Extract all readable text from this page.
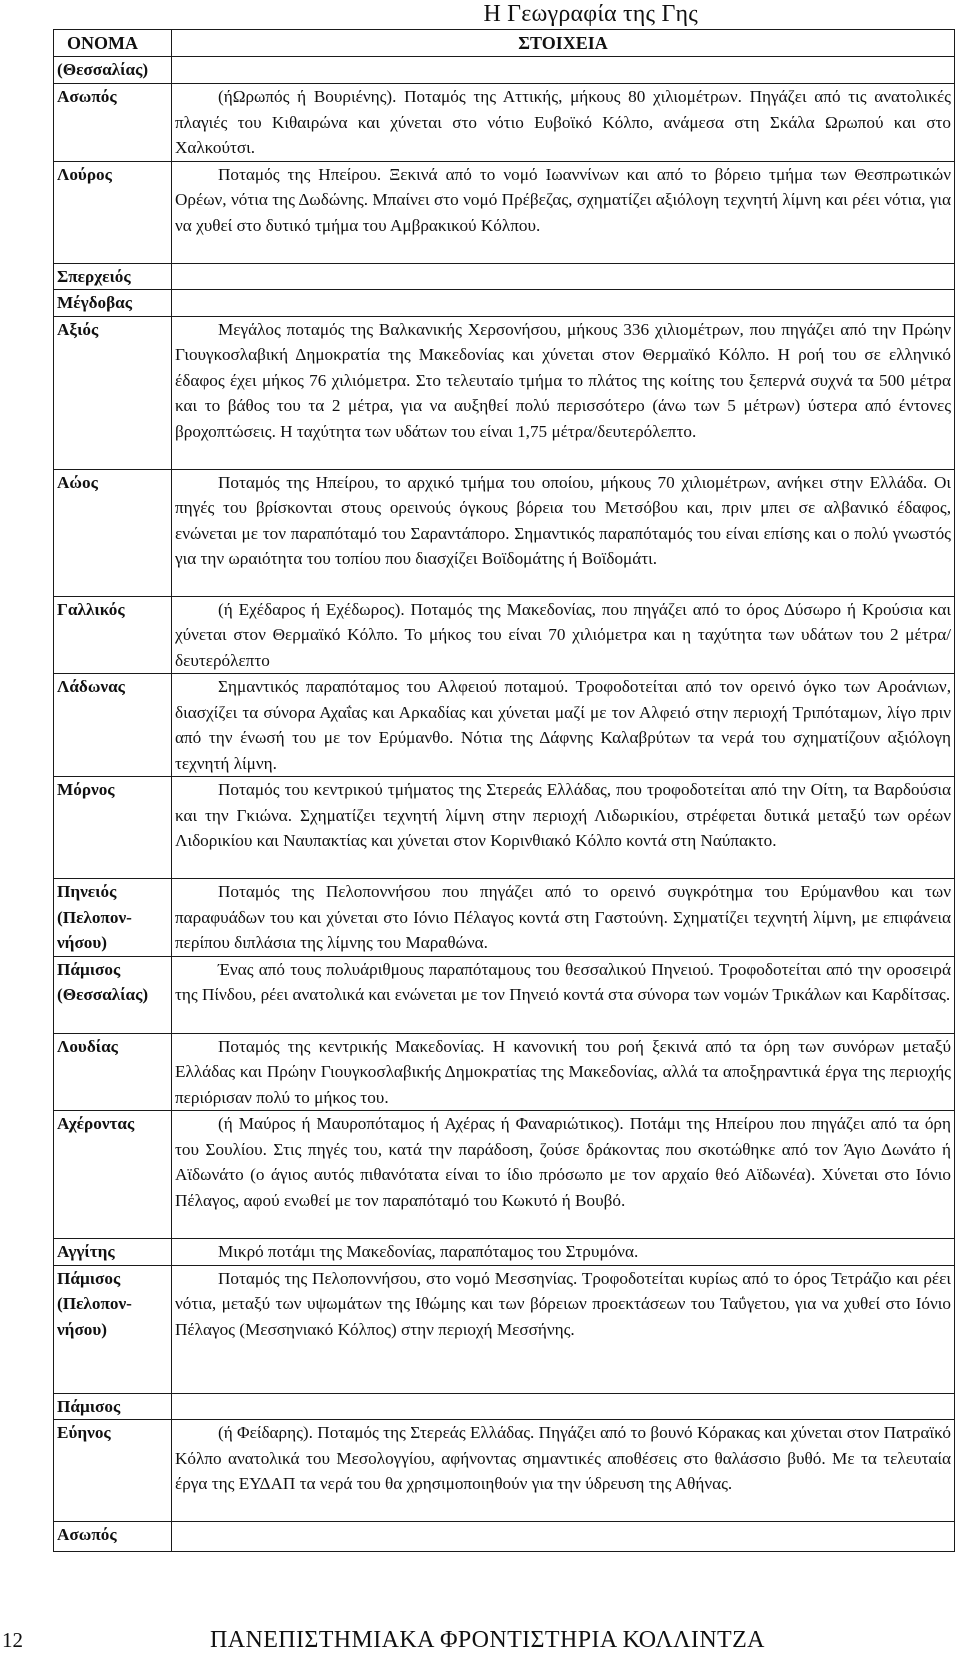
Η Γεωγραφία της Γης
ΟΝΟΜΑ	ΣΤΟΙΧΕΙΑ
(Θεσσαλίας)	
Ασωπός	(ήΩρωπός ή Βουριένης). Ποταμός της Αττικής, μήκους 80 χιλιομέτρων. Πηγάζει από τις ανατολικές πλαγιές του Κιθαιρώνα και χύνεται στο νότιο Ευβοϊκό Κόλπο, ανάμεσα στη Σκάλα Ωρωπού και στο Χαλκούτσι.
Λούρος	Ποταμός της Ηπείρου. Ξεκινά από το νομό Ιωαννίνων και από το βόρειο τμήμα των Θεσπρωτικών Ορέων, νότια της Δωδώνης. Μπαίνει στο νομό Πρέβεζας, σχηματίζει αξιόλογη τεχνητή λίμνη και ρέει νότια, για να χυθεί στο δυτικό τμήμα του Αμβρακικού Κόλπου.
Σπερχειός	
Μέγδοβας	
Αξιός	Μεγάλος ποταμός της Βαλκανικής Χερσονήσου, μήκους 336 χιλιομέτρων, που πηγάζει από την Πρώην Γιουγκοσλαβική Δημοκρατία της Μακεδονίας και χύνεται στον Θερμαϊκό Κόλπο. Η ροή του σε ελληνικό έδαφος έχει μήκος 76 χιλιόμετρα. Στο τελευταίο τμήμα το πλάτος της κοίτης του ξεπερνά συχνά τα 500 μέτρα και το βάθος του τα 2 μέτρα, για να αυξηθεί πολύ περισσότερο (άνω των 5 μέτρων) ύστερα από έντονες βροχοπτώσεις. Η ταχύτητα των υδάτων του είναι 1,75 μέτρα/δευτερόλεπτο.
Αώος	Ποταμός της Ηπείρου, το αρχικό τμήμα του οποίου, μήκους 70 χιλιομέτρων, ανήκει στην Ελλάδα. Οι πηγές του βρίσκονται στους ορεινούς όγκους βόρεια του Μετσόβου και, πριν μπει σε αλβανικό έδαφος, ενώνεται με τον παραπόταμό του Σαραντάπορο. Σημαντικός παραπόταμός του είναι επίσης και ο πολύ γνωστός για την ωραιότητα του τοπίου που διασχίζει Βοϊδομάτης ή Βοϊδομάτι.
Γαλλικός	(ή Εχέδαρος ή Εχέδωρος). Ποταμός της Μακεδονίας, που πηγάζει από το όρος Δύσωρο ή Κρούσια και χύνεται στον Θερμαϊκό Κόλπο. Το μήκος του είναι 70 χιλιόμετρα και η ταχύτητα των υδάτων του 2 μέτρα/δευτερόλεπτο
Λάδωνας	Σημαντικός παραπόταμος του Αλφειού ποταμού. Τροφοδοτείται από τον ορεινό όγκο των Αροάνιων, διασχίζει τα σύνορα Αχαΐας και Αρκαδίας και χύνεται μαζί με τον Αλφειό στην περιοχή Τριπόταμων, λίγο πριν από την ένωσή του με τον Ερύμανθο. Νότια της Δάφνης Καλαβρύτων τα νερά του σχηματίζουν αξιόλογη τεχνητή λίμνη.
Μόρνος	Ποταμός του κεντρικού τμήματος της Στερεάς Ελλάδας, που τροφοδοτείται από την Οίτη, τα Βαρδούσια και την Γκιώνα. Σχηματίζει τεχνητή λίμνη στην περιοχή Λιδωρικίου, στρέφεται δυτικά μεταξύ των ορέων Λιδορικίου και Ναυπακτίας και χύνεται στον Κορινθιακό Κόλπο κοντά στη Ναύπακτο.
Πηνειός (Πελοποννήσου)	Ποταμός της Πελοποννήσου που πηγάζει από το ορεινό συγκρότημα του Ερύμανθου και των παραφυάδων του και χύνεται στο Ιόνιο Πέλαγος κοντά στη Γαστούνη. Σχηματίζει τεχνητή λίμνη, με επιφάνεια περίπου διπλάσια της λίμνης του Μαραθώνα.
Πάμισος (Θεσσαλίας)	Ένας από τους πολυάριθμους παραπόταμους του θεσσαλικού Πηνειού. Τροφοδοτείται από την οροσειρά της Πίνδου, ρέει ανατολικά και ενώνεται με τον Πηνειό κοντά στα σύνορα των νομών Τρικάλων και Καρδίτσας.
Λουδίας	Ποταμός της κεντρικής Μακεδονίας. Η κανονική του ροή ξεκινά από τα όρη των συνόρων μεταξύ Ελλάδας και Πρώην Γιουγκοσλαβικής Δημοκρατίας της Μακεδονίας, αλλά τα αποξηραντικά έργα της περιοχής περιόρισαν πολύ το μήκος του.
Αχέροντας	(ή Μαύρος ή Μαυροπόταμος ή Αχέρας ή Φαναριώτικος). Ποτάμι της Ηπείρου που πηγάζει από τα όρη του Σουλίου. Στις πηγές του, κατά την παράδοση, ζούσε δράκοντας που σκοτώθηκε από τον Άγιο Δωνάτο ή Αϊδωνάτο (ο άγιος αυτός πιθανότατα είναι το ίδιο πρόσωπο με τον αρχαίο θεό Αϊδωνέα). Χύνεται στο Ιόνιο Πέλαγος, αφού ενωθεί με τον παραπόταμό του Κωκυτό ή Βουβό.
Αγγίτης	Μικρό ποτάμι της Μακεδονίας, παραπόταμος του Στρυμόνα.
Πάμισος (Πελοποννήσου)	Ποταμός της Πελοποννήσου, στο νομό Μεσσηνίας. Τροφοδοτείται κυρίως από το όρος Τετράζιο και ρέει νότια, μεταξύ των υψωμάτων της Ιθώμης και των βόρειων προεκτάσεων του Ταΰγετου, για να χυθεί στο Ιόνιο Πέλαγος (Μεσσηνιακό Κόλπος) στην περιοχή Μεσσήνης.
Πάμισος	
Εύηνος	(ή Φείδαρης). Ποταμός της Στερεάς Ελλάδας. Πηγάζει από το βουνό Κόρακας και χύνεται στον Πατραϊκό Κόλπο ανατολικά του Μεσολογγίου, αφήνοντας σημαντικές αποθέσεις στο θαλάσσιο βυθό. Με τα τελευταία έργα της ΕΥΔΑΠ τα νερά του θα χρησιμοποιηθούν για την ύδρευση της Αθήνας.
Ασωπός	
12	ΠΑΝΕΠΙΣΤΗΜΙΑΚΑ ΦΡΟΝΤΙΣΤΗΡΙΑ ΚΟΛΛΙΝΤΖΑ
